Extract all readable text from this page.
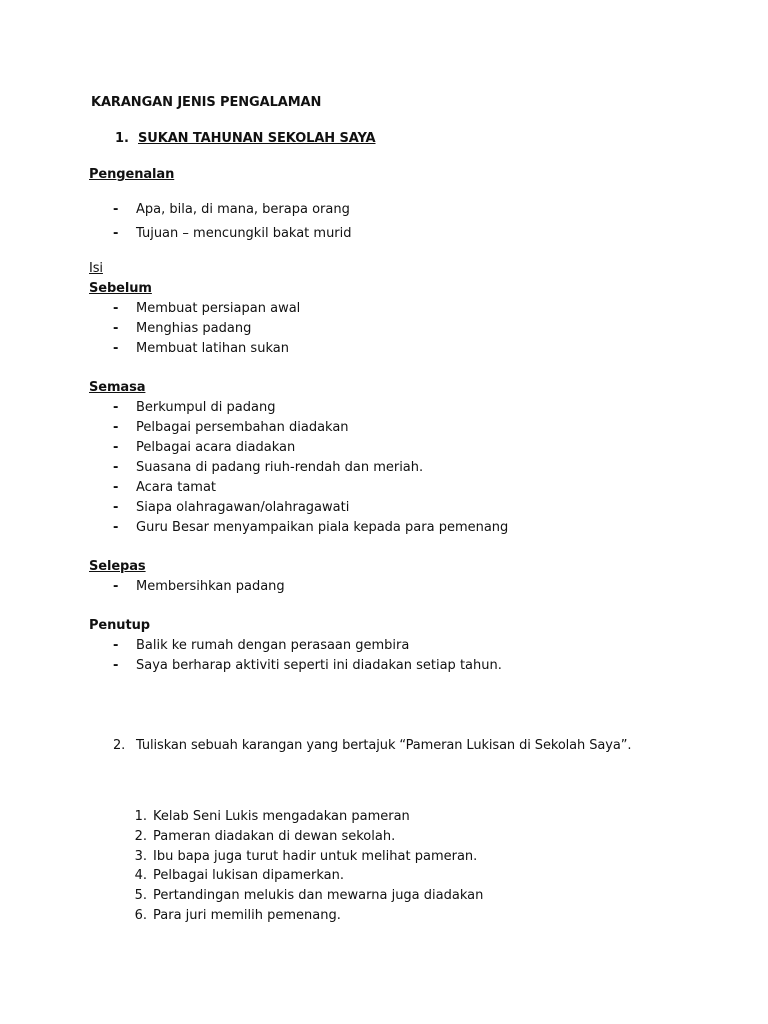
KARANGAN JENIS PENGALAMAN
1. SUKAN TAHUNAN SEKOLAH SAYA
Pengenalan
- Apa, bila, di mana, berapa orang
- Tujuan – mencungkil bakat murid
Isi
Sebelum
- Membuat persiapan awal
- Menghias padang
- Membuat latihan sukan
Semasa
- Berkumpul di padang
- Pelbagai persembahan diadakan
- Pelbagai acara diadakan
- Suasana di padang riuh-rendah dan meriah.
- Acara tamat
- Siapa olahragawan/olahragawati
- Guru Besar menyampaikan piala kepada para pemenang
Selepas
- Membersihkan padang
Penutup
- Balik ke rumah dengan perasaan gembira
- Saya berharap aktiviti seperti ini diadakan setiap tahun.
2. Tuliskan sebuah karangan yang bertajuk “Pameran Lukisan di Sekolah Saya”.
1. Kelab Seni Lukis mengadakan pameran
2. Pameran diadakan di dewan sekolah.
3. Ibu bapa juga turut hadir untuk melihat pameran.
4. Pelbagai lukisan dipamerkan.
5. Pertandingan melukis dan mewarna juga diadakan
6. Para juri memilih pemenang.
